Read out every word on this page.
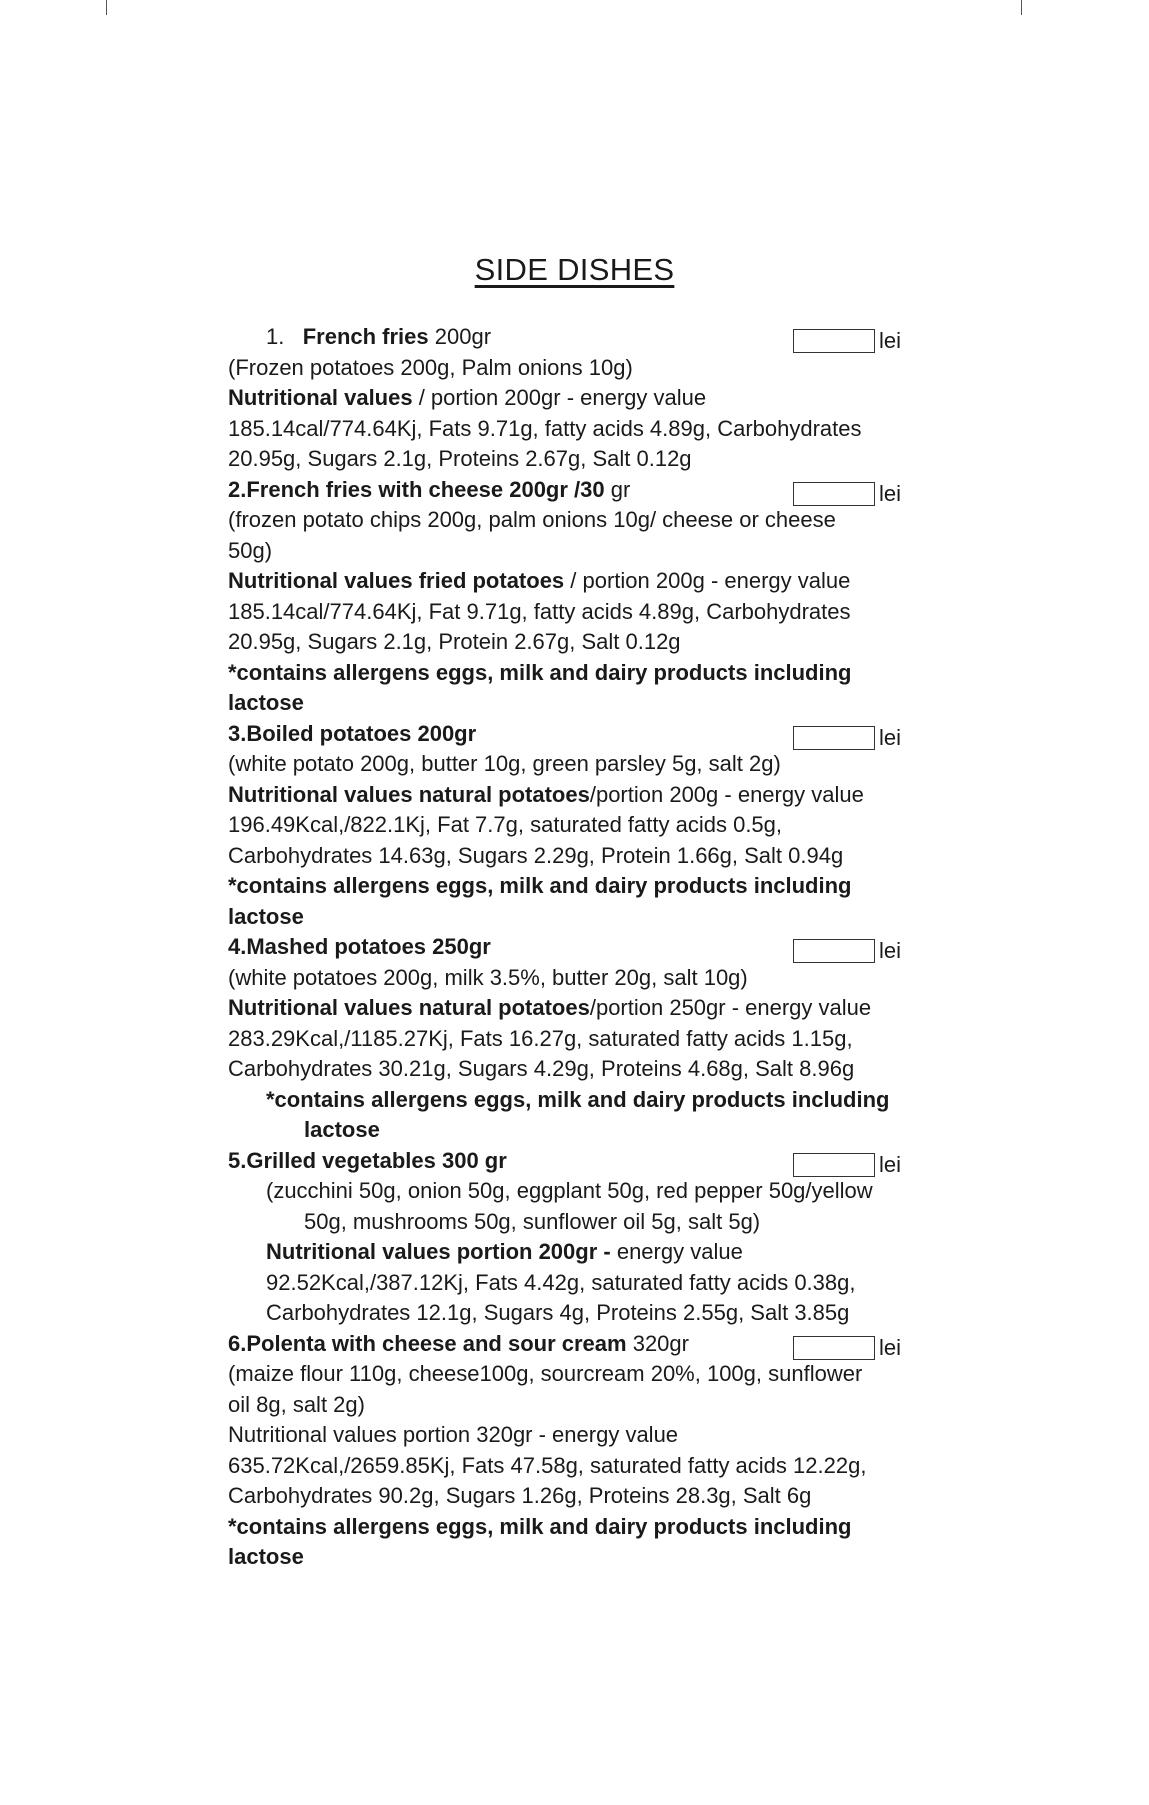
SIDE DISHES
1. French fries 200gr	lei
(Frozen potatoes 200g, Palm onions 10g)
Nutritional values / portion 200gr - energy value
185.14cal/774.64Kj, Fats 9.71g, fatty acids 4.89g, Carbohydrates
20.95g, Sugars 2.1g, Proteins 2.67g, Salt 0.12g
2.French fries with cheese 200gr /30 gr	lei
(frozen potato chips 200g, palm onions 10g/ cheese or cheese
50g)
Nutritional values fried potatoes / portion 200g - energy value
185.14cal/774.64Kj, Fat 9.71g, fatty acids 4.89g, Carbohydrates
20.95g, Sugars 2.1g, Protein 2.67g, Salt 0.12g
*contains allergens eggs, milk and dairy products including
lactose
3.Boiled potatoes 200gr	lei
(white potato 200g, butter 10g, green parsley 5g, salt 2g)
Nutritional values natural potatoes/portion 200g - energy value
196.49Kcal,/822.1Kj, Fat 7.7g, saturated fatty acids 0.5g,
Carbohydrates 14.63g, Sugars 2.29g, Protein 1.66g, Salt 0.94g
*contains allergens eggs, milk and dairy products including
lactose
4.Mashed potatoes 250gr	lei
(white potatoes 200g, milk 3.5%, butter 20g, salt 10g)
Nutritional values natural potatoes/portion 250gr - energy value
283.29Kcal,/1185.27Kj, Fats 16.27g, saturated fatty acids 1.15g,
Carbohydrates 30.21g, Sugars 4.29g, Proteins 4.68g, Salt 8.96g
*contains allergens eggs, milk and dairy products including
lactose
5.Grilled vegetables 300 gr	lei
(zucchini 50g, onion 50g, eggplant 50g, red pepper 50g/yellow
50g, mushrooms 50g, sunflower oil 5g, salt 5g)
Nutritional values portion 200gr - energy value
92.52Kcal,/387.12Kj, Fats 4.42g, saturated fatty acids 0.38g,
Carbohydrates 12.1g, Sugars 4g, Proteins 2.55g, Salt 3.85g
6.Polenta with cheese and sour cream 320gr	lei
(maize flour 110g, cheese100g, sourcream 20%, 100g, sunflower
oil 8g, salt 2g)
Nutritional values portion 320gr - energy value
635.72Kcal,/2659.85Kj, Fats 47.58g, saturated fatty acids 12.22g,
Carbohydrates 90.2g, Sugars 1.26g, Proteins 28.3g, Salt 6g
*contains allergens eggs, milk and dairy products including
lactose
